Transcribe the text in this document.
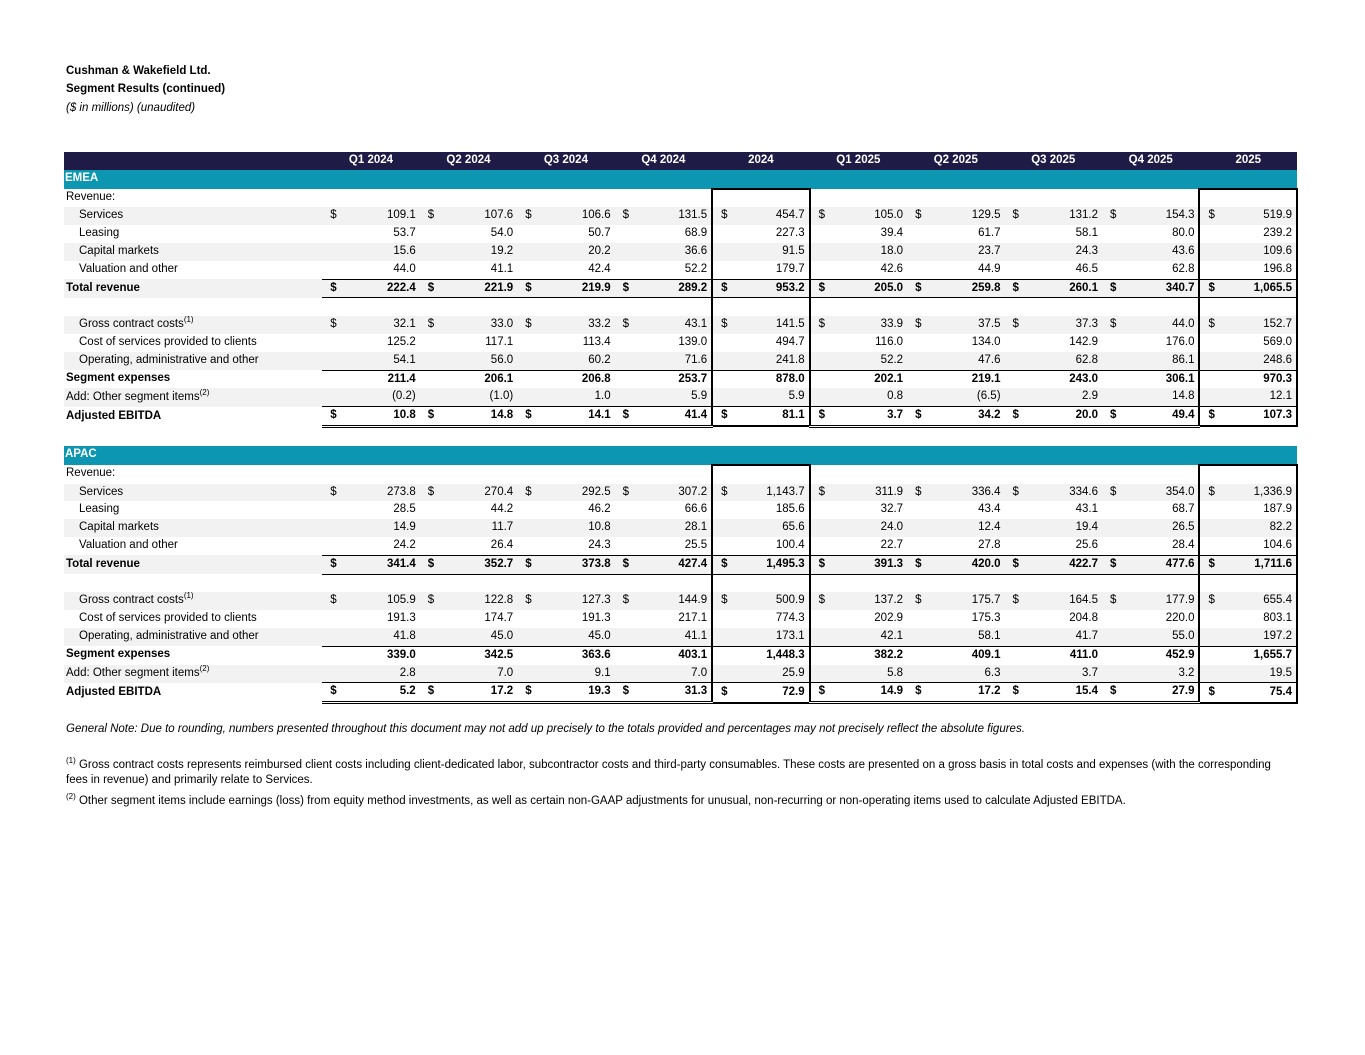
Cushman & Wakefield Ltd.
Segment Results (continued)
($ in millions) (unaudited)
	Q1 2024		Q2 2024		Q3 2024		Q4 2024		2024		Q1 2025		Q2 2025		Q3 2025		Q4 2025		2025	
EMEA																				
Revenue:																				
Services	$	109.1	$	107.6	$	106.6	$	131.5	$	454.7	$	105.0	$	129.5	$	131.2	$	154.3	$	519.9
Leasing		53.7		54.0		50.7		68.9		227.3		39.4		61.7		58.1		80.0		239.2
Capital markets		15.6		19.2		20.2		36.6		91.5		18.0		23.7		24.3		43.6		109.6
Valuation and other		44.0		41.1		42.4		52.2		179.7		42.6		44.9		46.5		62.8		196.8
Total revenue	$	222.4	$	221.9	$	219.9	$	289.2	$	953.2	$	205.0	$	259.8	$	260.1	$	340.7	$	1,065.5

Gross contract costs$^{(1)}$	$	32.1	$	33.0	$	33.2	$	43.1	$	141.5	$	33.9	$	37.5	$	37.3	$	44.0	$	152.7
Cost of services provided to clients		125.2		117.1		113.4		139.0		494.7		116.0		134.0		142.9		176.0		569.0
Operating, administrative and other		54.1		56.0		60.2		71.6		241.8		52.2		47.6		62.8		86.1		248.6
Segment expenses		211.4		206.1		206.8		253.7		878.0		202.1		219.1		243.0		306.1		970.3
Add: Other segment items$^{(2)}$		(0.2)		(1.0)		1.0		5.9		5.9		0.8		(6.5)		2.9		14.8		12.1
Adjusted EBITDA	$	10.8	$	14.8	$	14.1	$	41.4	$	81.1	$	3.7	$	34.2	$	20.0	$	49.4	$	107.3

APAC																				
Revenue:																				
Services	$	273.8	$	270.4	$	292.5	$	307.2	$	1,143.7	$	311.9	$	336.4	$	334.6	$	354.0	$	1,336.9
Leasing		28.5		44.2		46.2		66.6		185.6		32.7		43.4		43.1		68.7		187.9
Capital markets		14.9		11.7		10.8		28.1		65.6		24.0		12.4		19.4		26.5		82.2
Valuation and other		24.2		26.4		24.3		25.5		100.4		22.7		27.8		25.6		28.4		104.6
Total revenue	$	341.4	$	352.7	$	373.8	$	427.4	$	1,495.3	$	391.3	$	420.0	$	422.7	$	477.6	$	1,711.6

Gross contract costs$^{(1)}$	$	105.9	$	122.8	$	127.3	$	144.9	$	500.9	$	137.2	$	175.7	$	164.5	$	177.9	$	655.4
Cost of services provided to clients		191.3		174.7		191.3		217.1		774.3		202.9		175.3		204.8		220.0		803.1
Operating, administrative and other		41.8		45.0		45.0		41.1		173.1		42.1		58.1		41.7		55.0		197.2
Segment expenses		339.0		342.5		363.6		403.1		1,448.3		382.2		409.1		411.0		452.9		1,655.7
Add: Other segment items$^{(2)}$		2.8		7.0		9.1		7.0		25.9		5.8		6.3		3.7		3.2		19.5
Adjusted EBITDA	$	5.2	$	17.2	$	19.3	$	31.3	$	72.9	$	14.9	$	17.2	$	15.4	$	27.9	$	75.4
General Note: Due to rounding, numbers presented throughout this document may not add up precisely to the totals provided and percentages may not precisely reflect the absolute figures.
$^{(1)}$ Gross contract costs represents reimbursed client costs including client-dedicated labor, subcontractor costs and third-party consumables. These costs are presented on a gross basis in total costs and expenses (with the corresponding fees in revenue) and primarily relate to Services.
$^{(2)}$ Other segment items include earnings (loss) from equity method investments, as well as certain non-GAAP adjustments for unusual, non-recurring or non-operating items used to calculate Adjusted EBITDA.
